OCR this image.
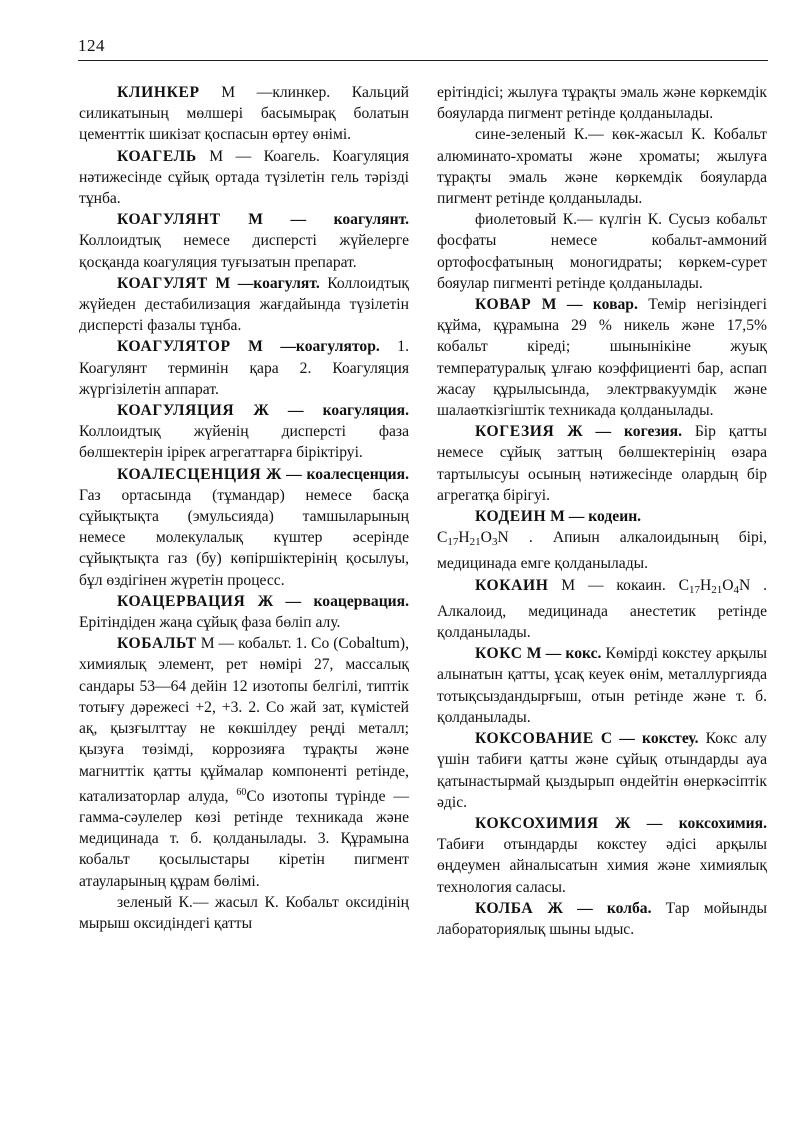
124

КЛИНКЕР М —клинкер. Кальций силикатының мөлшері басымырақ болатын цементтік шикізат қоспасын өртеу өнімі.

КОАГЕЛЬ М — Коагель. Коагуляция нәтижесінде сұйық ортада түзілетін гель тәрізді тұнба.

КОАГУЛЯНТ М — коагулянт. Коллоидтық немесе дисперсті жүйелерге қосқанда коагуляция туғызатын препарат.

КОАГУЛЯТ М —коагулят. Коллоидтық жүйеден дестабилизация жағдайында түзілетін дисперсті фазалы тұнба.

КОАГУЛЯТОР М —коагулятор. 1. Коагулянт терминін қара 2. Коагуляция жүргізілетін аппарат.

КОАГУЛЯЦИЯ Ж — коагуляция. Коллоидтық жүйенің дисперсті фаза бөлшектерін ірірек агрегаттарға біріктіруі.

КОАЛЕСЦЕНЦИЯ Ж — коалесценция. Газ ортасында (тұмандар) немесе басқа сұйықтықта (эмульсияда) тамшыларының немесе молекулалық күштер әсерінде сұйықтықта газ (бу) көпіршіктерінің қосылуы, бұл өздігінен жүретін процесс.

КОАЦЕРВАЦИЯ Ж — коацервация. Ерітіндіден жаңа сұйық фаза бөліп алу.

КОБАЛЬТ М — кобальт. 1. Со (Cobaltum), химиялық элемент, рет нөмірі 27, массалық сандары 53—64 дейін 12 изотопы белгілі, типтік тотығу дәрежесі +2, +3. 2. Со жай зат, күмістей ақ, қызғылттау не көкшілдеу реңді металл; қызуға төзімді, коррозияға тұрақты және магниттік қатты құймалар компоненті ретінде, катализаторлар алуда, $^{60}$Со изотопы түрінде — гамма-сәулелер көзі ретінде техникада және медицинада т. б. қолданылады. 3. Құрамына кобальт қосылыстары кіретін пигмент атауларының құрам бөлімі.

зеленый К.— жасыл К. Кобальт оксидінің мырыш оксидіндегі қатты

ерітіндісі; жылуға тұрақты эмаль және көркемдік бояуларда пигмент ретінде қолданылады.

сине-зеленый К.— көк-жасыл К. Кобальт алюминато-хроматы және хроматы; жылуға тұрақты эмаль және көркемдік бояуларда пигмент ретінде қолданылады.

фиолетовый К.— күлгін К. Сусыз кобальт фосфаты немесе кобальт-аммоний ортофосфатының моногидраты; көркем-сурет бояулар пигменті ретінде қолданылады.

КОВАР М — ковар. Темір негізіндегі құйма, құрамына 29 % никель және 17,5% кобальт кіреді; шынынікіне жуық температуралық ұлғаю коэффициенті бар, аспап жасау құрылысында, электрвакуумдік және шалаөткізгіштік техникада қолданылады.

КОГЕЗИЯ Ж — когезия. Бір қатты немесе сұйық заттың бөлшектерінің өзара тартылысуы осының нәтижесінде олардың бір агрегатқа бірігуі.

КОДЕИН М — кодеин.
$C_{17}H_{21}O_3N$ . Апиын алкалоидының бірі, медицинада емге қолданылады.

КОКАИН М — кокаин. $C_{17}H_{21}O_4N$ . Алкалоид, медицинада анестетик ретінде қолданылады.

КОКС М — кокс. Көмірді кокстеу арқылы алынатын қатты, ұсақ кеуек өнім, металлургияда тотықсыздандырғыш, отын ретінде және т. б. қолданылады.

КОКСОВАНИЕ С — кокстеу. Кокс алу үшін табиғи қатты және сұйық отындарды ауа қатынастырмай қыздырып өндейтін өнеркәсіптік әдіс.

КОКСОХИМИЯ Ж — коксохимия. Табиғи отындарды кокстеу әдісі арқылы өңдеумен айналысатын химия және химиялық технология саласы.

КОЛБА Ж — колба. Тар мойынды лабораториялық шыны ыдыс.
